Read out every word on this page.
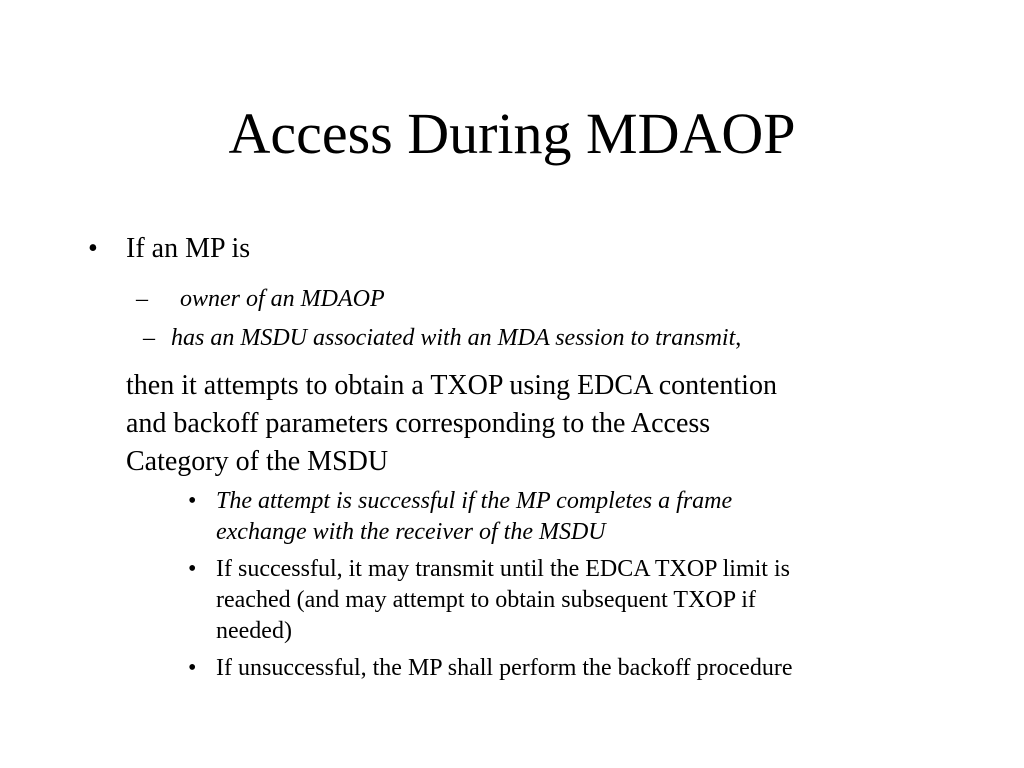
Access During MDAOP
•	If an MP is
– owner of an MDAOP
– has an MSDU associated with an MDA session to transmit,
then it attempts to obtain a TXOP using EDCA contention
and backoff parameters corresponding to the Access
Category of the MSDU
• The attempt is successful if the MP completes a frame
exchange with the receiver of the MSDU
• If successful, it may transmit until the EDCA TXOP limit is
reached (and may attempt to obtain subsequent TXOP if
needed)
• If unsuccessful, the MP shall perform the backoff procedure
